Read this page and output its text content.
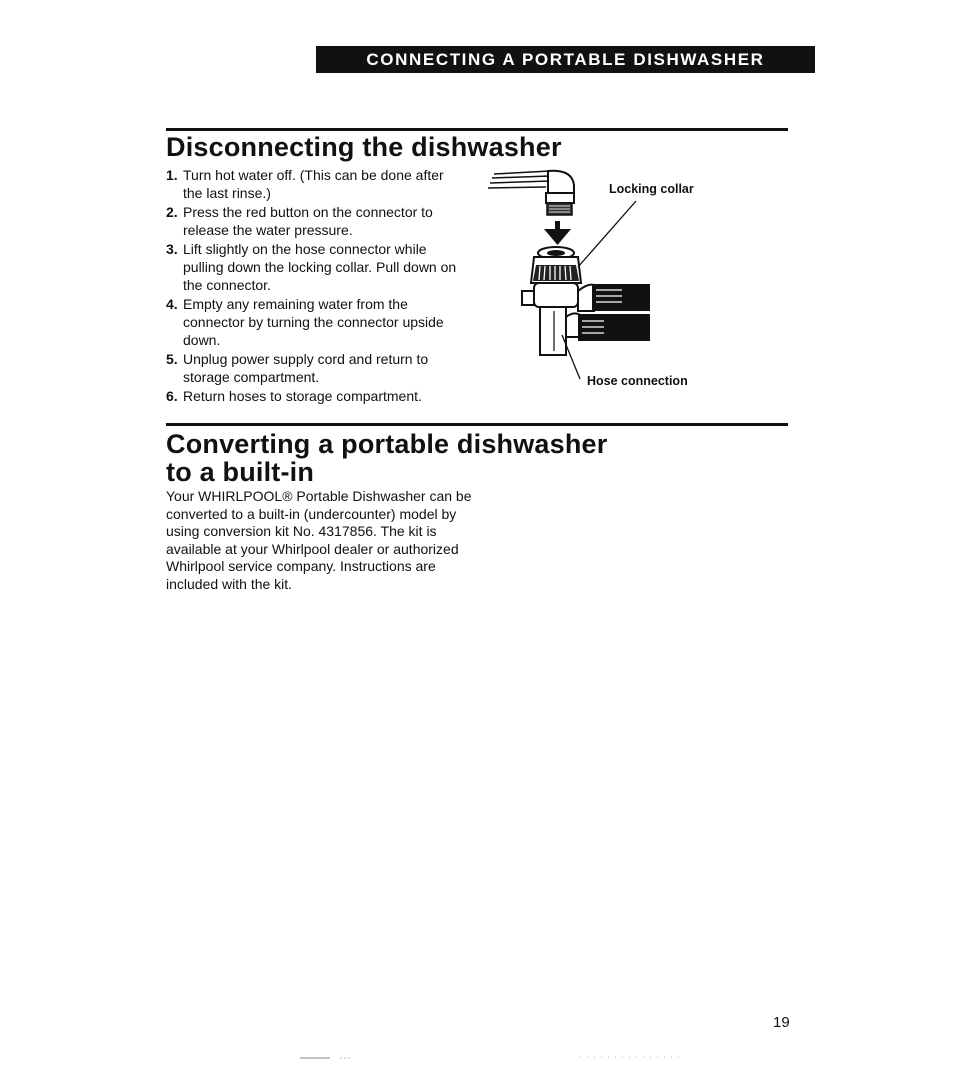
CONNECTING A PORTABLE DISHWASHER
Disconnecting the dishwasher
1. Turn hot water off. (This can be done after the last rinse.)
2. Press the red button on the connector to release the water pressure.
3. Lift slightly on the hose connector while pulling down the locking collar. Pull down on the connector.
4. Empty any remaining water from the connector by turning the connector upside down.
5. Unplug power supply cord and return to storage compartment.
6. Return hoses to storage compartment.
Locking collar
Hose connection
Converting a portable dishwasher
to a built-in

Your WHIRLPOOL® Portable Dishwasher can be converted to a built-in (undercounter) model by using conversion kit No. 4317856. The kit is available at your Whirlpool dealer or authorized Whirlpool service company. Instructions are included with the kit.

19
